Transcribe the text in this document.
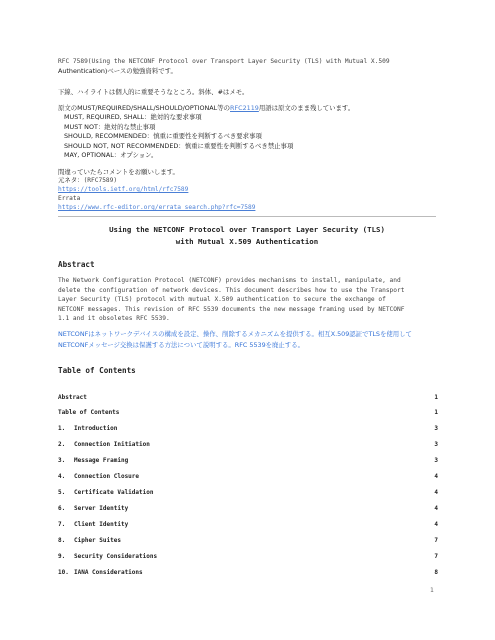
RFC 7589(Using the NETCONF Protocol over Transport Layer Security (TLS) with Mutual X.509
Authentication)ベースの勉強資料です。
下線、ハイライトは個人的に重要そうなところ。斜体、#はメモ。
原文のMUST/REQUIRED/SHALL/SHOULD/OPTIONAL等のRFC2119用語は原文のまま残しています。
MUST, REQUIRED, SHALL：絶対的な要求事項
MUST NOT：絶対的な禁止事項
SHOULD, RECOMMENDED：慎重に重要性を判断するべき要求事項
SHOULD NOT, NOT RECOMMENDED：慎重に重要性を判断するべき禁止事項
MAY, OPTIONAL：オプション。
間違っていたらコメントをお願いします。
元ネタ：(RFC7589)
https://tools.ietf.org/html/rfc7589
Errata
https://www.rfc-editor.org/errata_search.php?rfc=7589
Using the NETCONF Protocol over Transport Layer Security (TLS)
with Mutual X.509 Authentication
Abstract
The Network Configuration Protocol (NETCONF) provides mechanisms to install, manipulate, and
delete the configuration of network devices. This document describes how to use the Transport
Layer Security (TLS) protocol with mutual X.509 authentication to secure the exchange of
NETCONF messages. This revision of RFC 5539 documents the new message framing used by NETCONF
1.1 and it obsoletes RFC 5539.
NETCONFはネットワークデバイスの構成を設定、操作、削除するメカニズムを提供する。相互X.509認証でTLSを使用して
NETCONFメッセージ交換は保護する方法について説明する。RFC 5539を廃止する。
Table of Contents
Abstract	1
Table of Contents	1
1.	Introduction	3
2.	Connection Initiation	3
3.	Message Framing	3
4.	Connection Closure	4
5.	Certificate Validation	4
6.	Server Identity	4
7.	Client Identity	4
8.	Cipher Suites	7
9.	Security Considerations	7
10. IANA Considerations	8
1
